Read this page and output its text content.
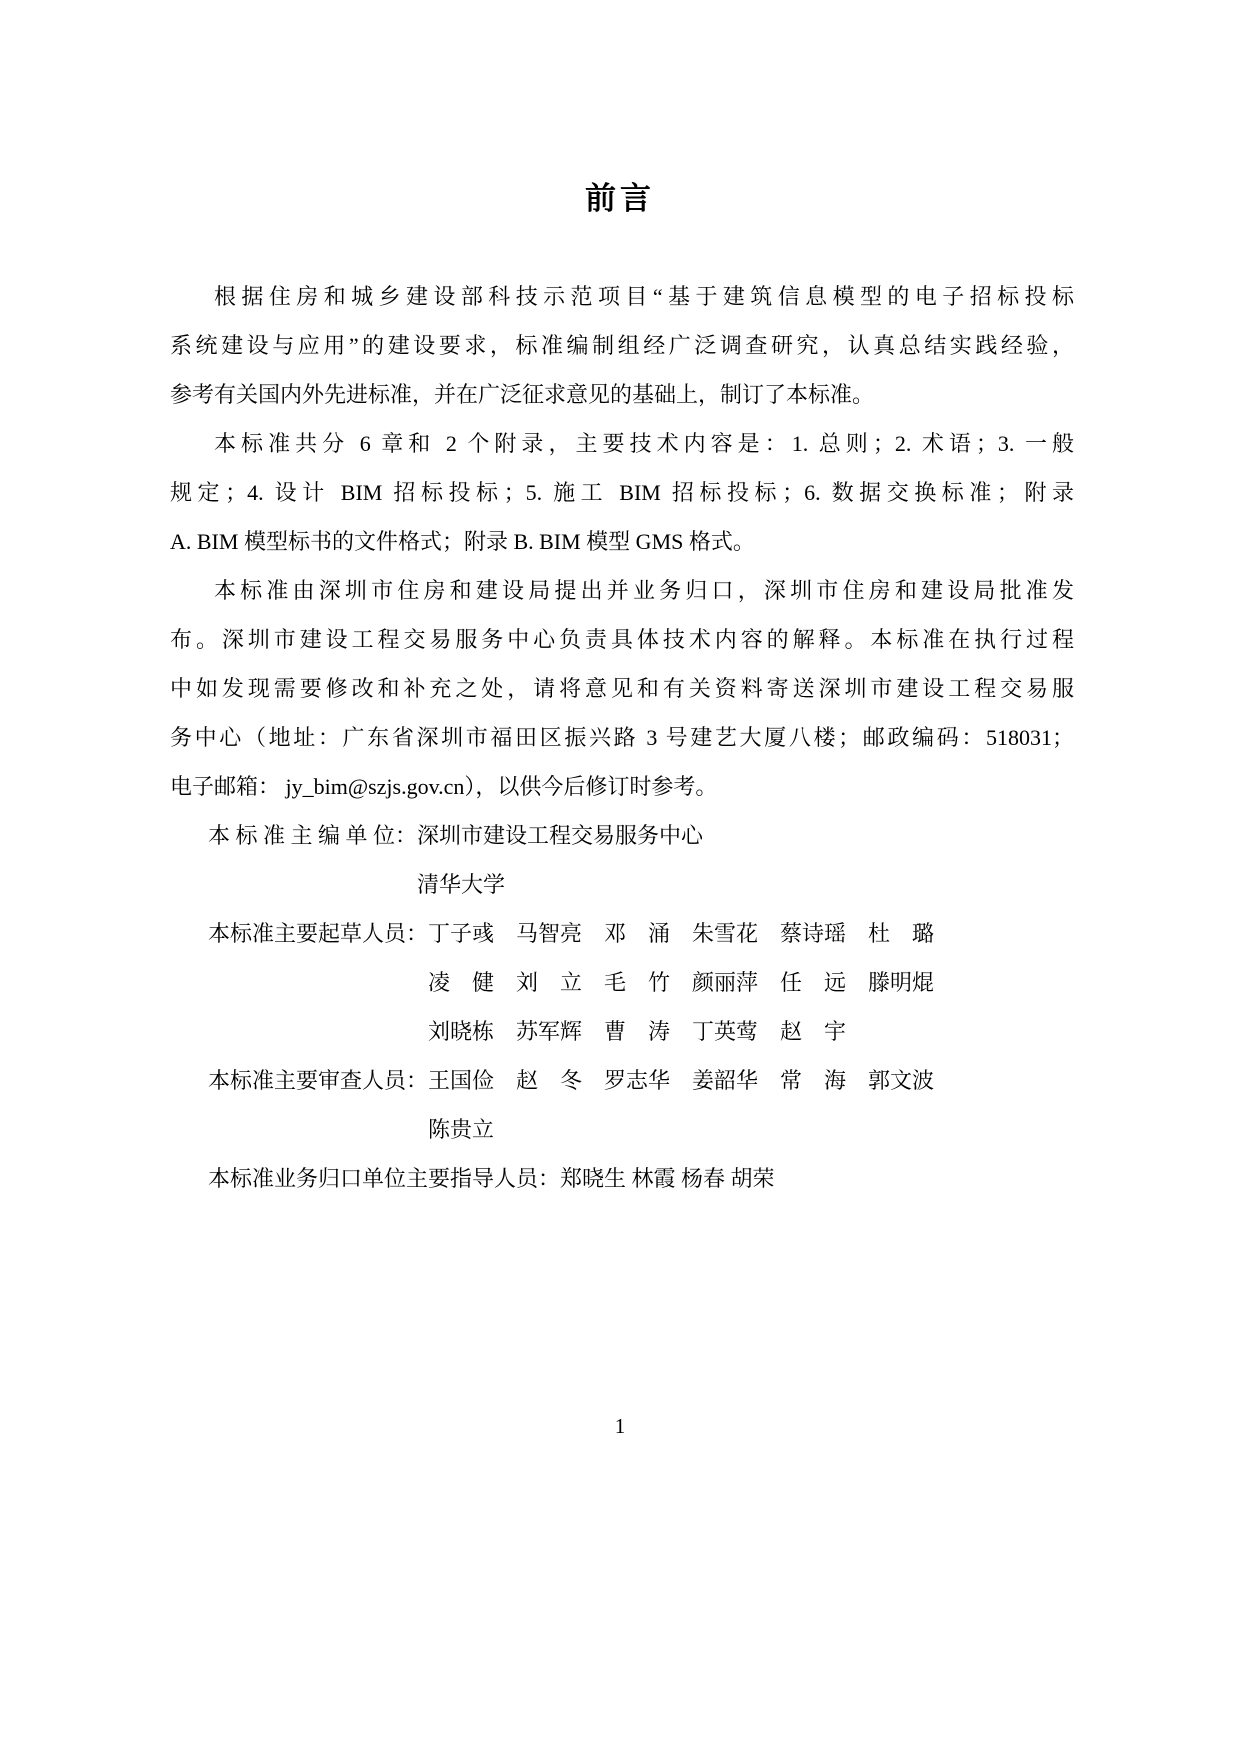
前言
根据住房和城乡建设部科技示范项目“基于建筑信息模型的电子招标投标
系统建设与应用”的建设要求，标准编制组经广泛调查研究，认真总结实践经验，
参考有关国内外先进标准，并在广泛征求意见的基础上，制订了本标准。
本标准共分 6 章和 2 个附录，主要技术内容是：1. 总则；2. 术语；3. 一般
规定；4. 设计 BIM 招标投标；5. 施工 BIM 招标投标；6. 数据交换标准；附录
A. BIM 模型标书的文件格式；附录 B. BIM 模型 GMS 格式。
本标准由深圳市住房和建设局提出并业务归口，深圳市住房和建设局批准发
布。深圳市建设工程交易服务中心负责具体技术内容的解释。本标准在执行过程
中如发现需要修改和补充之处，请将意见和有关资料寄送深圳市建设工程交易服
务中心（地址：广东省深圳市福田区振兴路 3 号建艺大厦八楼；邮政编码：518031；
电子邮箱： jy_bim@szjs.gov.cn），以供今后修订时参考。
本 标 准 主 编 单 位： 深圳市建设工程交易服务中心
清华大学
本标准主要起草人员： 丁子彧　马智亮　邓　涌　朱雪花　蔡诗瑶　杜　璐
凌　健　刘　立　毛　竹　颜丽萍　任　远　滕明焜
刘晓栋　苏军辉　曹　涛　丁英莺　赵　宇
本标准主要审查人员： 王国俭　赵　冬　罗志华　姜韶华　常　海　郭文波
陈贵立
本标准业务归口单位主要指导人员： 郑晓生 林霞 杨春 胡荣
1
